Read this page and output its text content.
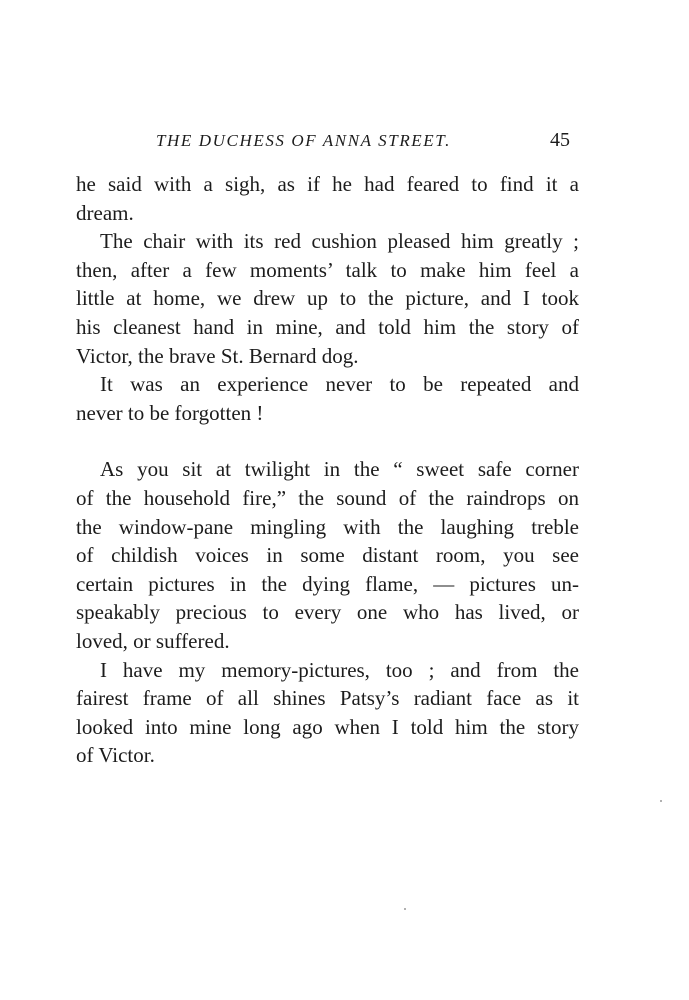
THE DUCHESS OF ANNA STREET.	45
he said with a sigh, as if he had feared to find it a
dream.
The chair with its red cushion pleased him greatly ;
then, after a few moments’ talk to make him feel a
little at home, we drew up to the picture, and I took
his cleanest hand in mine, and told him the story of
Victor, the brave St. Bernard dog.
It was an experience never to be repeated and
never to be forgotten !
As you sit at twilight in the “ sweet safe corner
of the household fire,” the sound of the raindrops on
the window-pane mingling with the laughing treble
of childish voices in some distant room, you see
certain pictures in the dying flame, — pictures un-
speakably precious to every one who has lived, or
loved, or suffered.
I have my memory-pictures, too ; and from the
fairest frame of all shines Patsy’s radiant face as it
looked into mine long ago when I told him the story
of Victor.
